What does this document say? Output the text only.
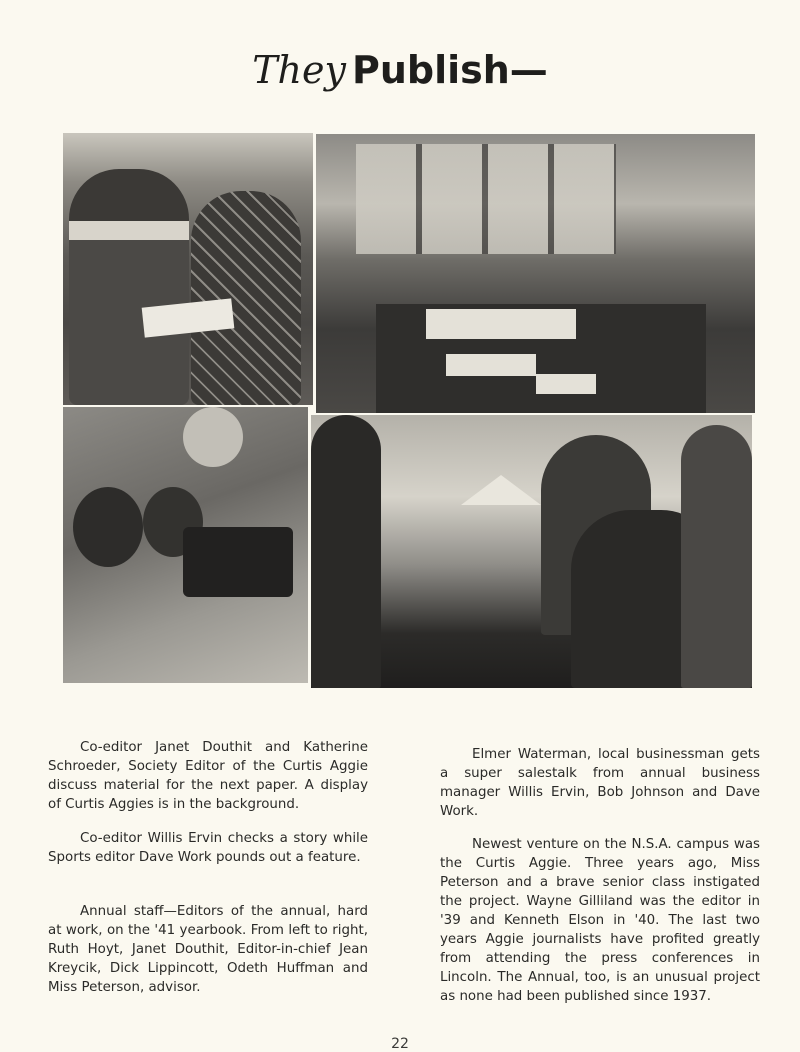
They Publish—

Co-editor Janet Douthit and Katherine Schroeder, Society Editor of the Curtis Aggie discuss material for the next paper. A display of Curtis Aggies is in the background.

Co-editor Willis Ervin checks a story while Sports editor Dave Work pounds out a feature.

Annual staff—Editors of the annual, hard at work, on the '41 yearbook. From left to right, Ruth Hoyt, Janet Douthit, Editor-in-chief Jean Kreycik, Dick Lippincott, Odeth Huffman and Miss Peterson, advisor.

Elmer Waterman, local businessman gets a super salestalk from annual business manager Willis Ervin, Bob Johnson and Dave Work.

Newest venture on the N.S.A. campus was the Curtis Aggie. Three years ago, Miss Peterson and a brave senior class instigated the project. Wayne Gilliland was the editor in '39 and Kenneth Elson in '40. The last two years Aggie journalists have profited greatly from attending the press conferences in Lincoln. The Annual, too, is an unusual project as none had been published since 1937.

22
